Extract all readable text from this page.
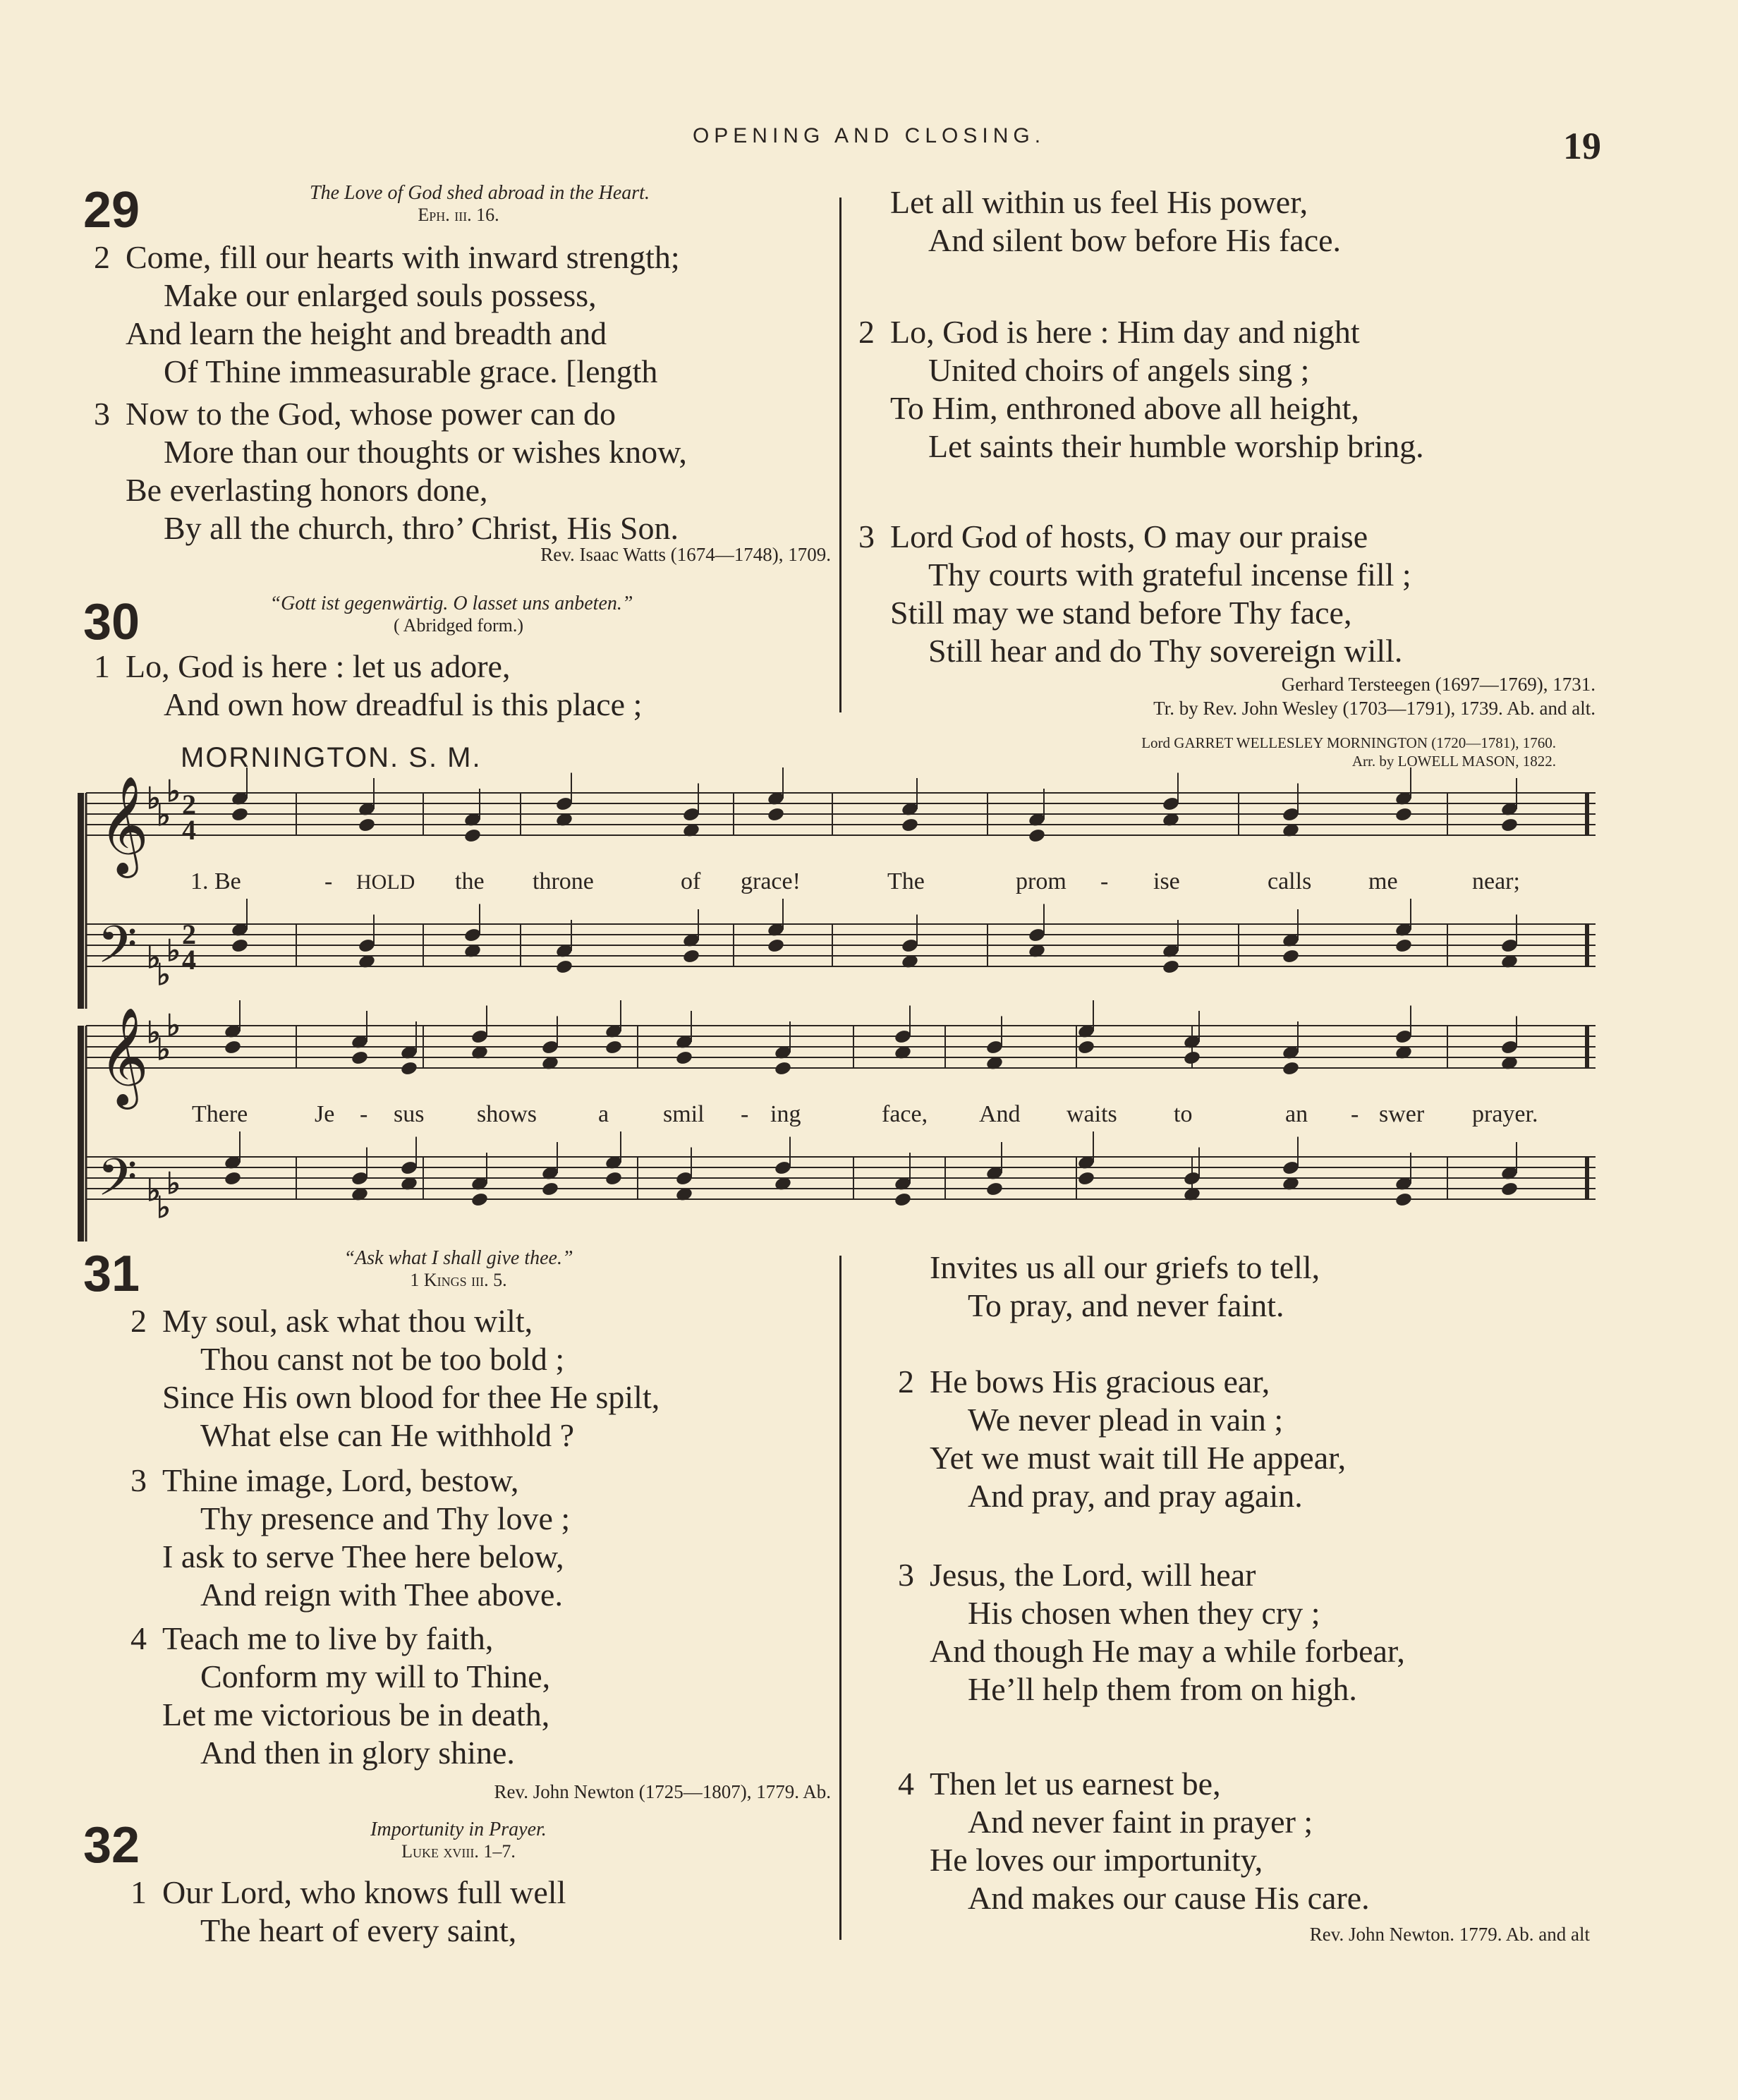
OPENING AND CLOSING.	19
29	The Love of God shed abroad in the Heart.
Eph. iii. 16.
2 Come, fill our hearts with inward strength;
Make our enlarged souls possess,
And learn the height and breadth and
Of Thine immeasurable grace. [length
3 Now to the God, whose power can do
More than our thoughts or wishes know,
Be everlasting honors done,
By all the church, thro’ Christ, His Son.
Rev. Isaac Watts (1674—1748), 1709.
30	“Gott ist gegenwärtig. O lasset uns anbeten.”
( Abridged form.)
1 Lo, God is here : let us adore,
And own how dreadful is this place ;
Let all within us feel His power,
And silent bow before His face.
2 Lo, God is here : Him day and night
United choirs of angels sing ;
To Him, enthroned above all height,
Let saints their humble worship bring.
3 Lord God of hosts, O may our praise
Thy courts with grateful incense fill ;
Still may we stand before Thy face,
Still hear and do Thy sovereign will.
Gerhard Tersteegen (1697—1769), 1731.
Tr. by Rev. John Wesley (1703—1791), 1739. Ab. and alt.
MORNINGTON. S. M.	Lord GARRET WELLESLEY MORNINGTON (1720—1781), 1760.
Arr. by LOWELL MASON, 1822.
1. Be	- HOLD the throne	of grace!	The	prom - ise	calls me	near;
There	Je - sus shows	a smil - ing	face, And waits to	an - swer prayer.
𝄞
𝄞
𝄢
𝄢
♭
♭
♭
♭
♭
♭
♭
♭
♭
♭
♭
♭
2
4
2
4
31	“Ask what I shall give thee.”
1 Kings iii. 5.
2 My soul, ask what thou wilt,
Thou canst not be too bold ;
Since His own blood for thee He spilt,
What else can He withhold ?
3 Thine image, Lord, bestow,
Thy presence and Thy love ;
I ask to serve Thee here below,
And reign with Thee above.
4 Teach me to live by faith,
Conform my will to Thine,
Let me victorious be in death,
And then in glory shine.
Rev. John Newton (1725—1807), 1779. Ab.
32	Importunity in Prayer.
Luke xviii. 1–7.
1 Our Lord, who knows full well
The heart of every saint,
Invites us all our griefs to tell,
To pray, and never faint.
2 He bows His gracious ear,
We never plead in vain ;
Yet we must wait till He appear,
And pray, and pray again.
3 Jesus, the Lord, will hear
His chosen when they cry ;
And though He may a while forbear,
He’ll help them from on high.
4 Then let us earnest be,
And never faint in prayer ;
He loves our importunity,
And makes our cause His care.
Rev. John Newton. 1779. Ab. and alt
